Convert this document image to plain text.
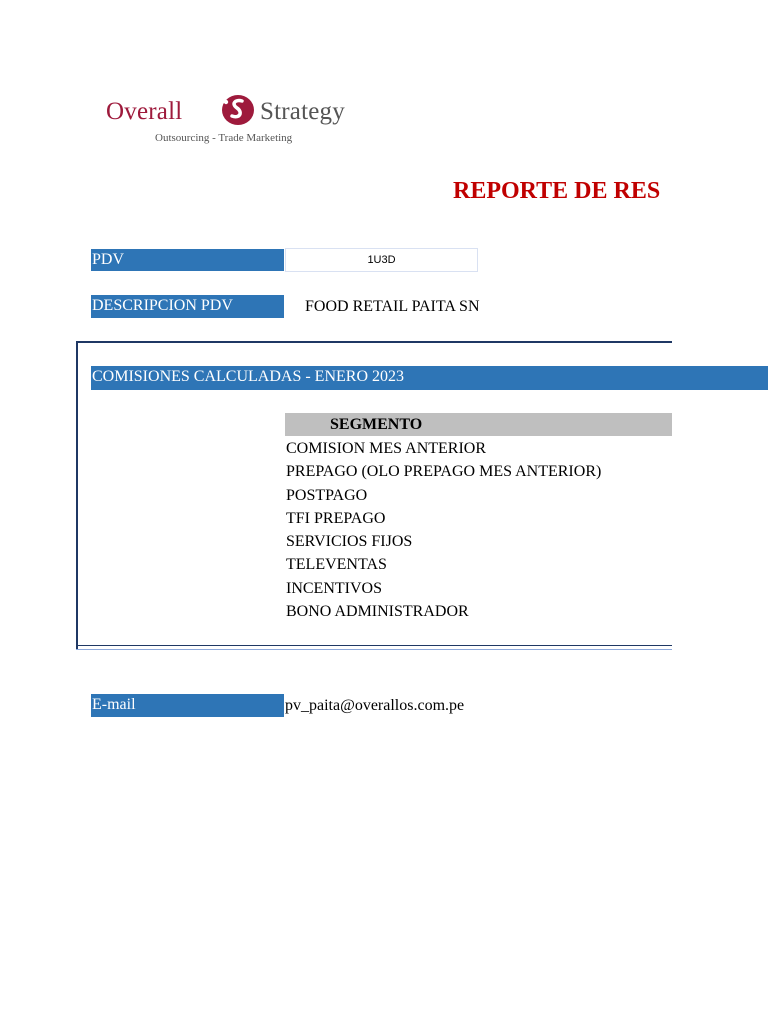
Overall	Strategy
Outsourcing - Trade Marketing
REPORTE DE RES
PDV	1U3D
DESCRIPCION PDV	FOOD RETAIL PAITA SN
COMISIONES CALCULADAS - ENERO 2023
SEGMENTO
COMISION MES ANTERIOR
PREPAGO (OLO PREPAGO MES ANTERIOR)
POSTPAGO
TFI PREPAGO
SERVICIOS FIJOS
TELEVENTAS
INCENTIVOS
BONO ADMINISTRADOR
E-mail	pv_paita@overallos.com.pe
